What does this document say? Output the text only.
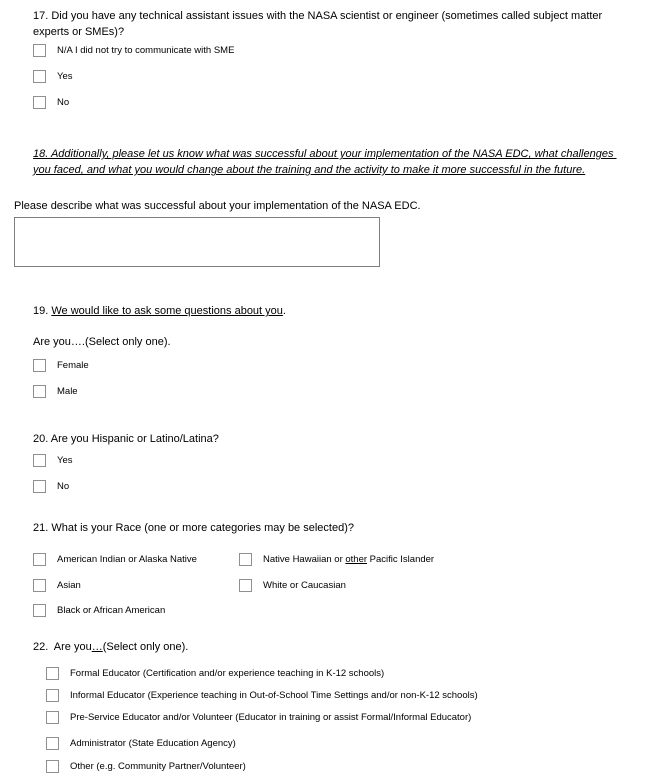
17. Did you have any technical assistant issues with the NASA scientist or engineer (sometimes called subject matter experts or SMEs)?
N/A I did not try to communicate with SME
Yes
No
18. Additionally, please let us know what was successful about your implementation of the NASA EDC, what challenges you faced, and what you would change about the training and the activity to make it more successful in the future.
Please describe what was successful about your implementation of the NASA EDC.
19. We would like to ask some questions about you.
Are you….(Select only one).
Female
Male
20. Are you Hispanic or Latino/Latina?
Yes
No
21. What is your Race (one or more categories may be selected)?
American Indian or Alaska Native
Asian
Black or African American
Native Hawaiian or other Pacific Islander
White or Caucasian
22.  Are you…(Select only one).
Formal Educator (Certification and/or experience teaching in K-12 schools)
Informal Educator (Experience teaching in Out-of-School Time Settings and/or non-K-12 schools)
Pre-Service Educator and/or Volunteer (Educator in training or assist Formal/Informal Educator)
Administrator (State Education Agency)
Other (e.g. Community Partner/Volunteer)
